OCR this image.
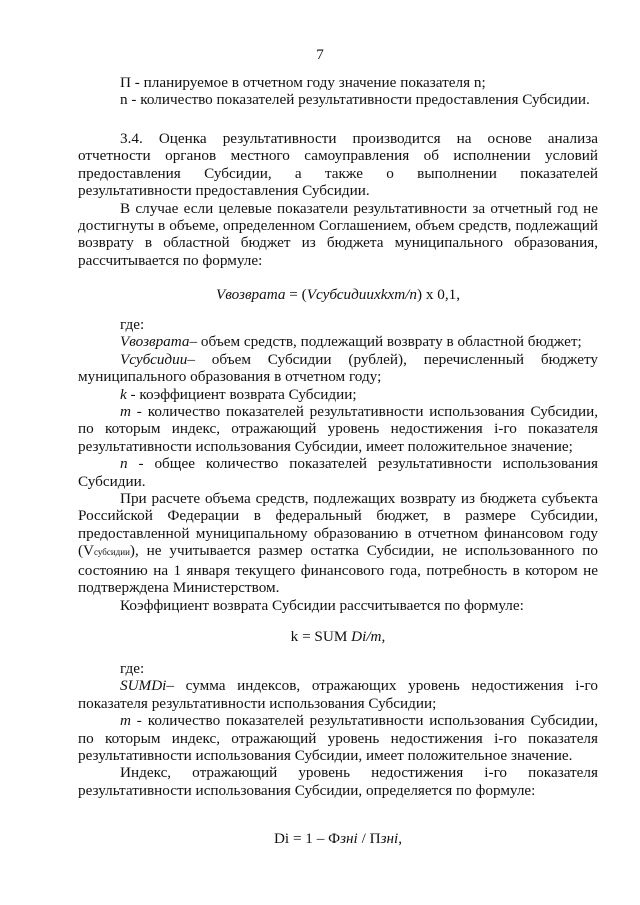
7

П - планируемое в отчетном году значение показателя n;

n - количество показателей результативности предоставления Субсидии.

3.4. Оценка результативности производится на основе анализа отчетности органов местного самоуправления об исполнении условий предоставления Субсидии, а также о выполнении показателей результативности предоставления Субсидии.

В случае если целевые показатели результативности за отчетный год не достигнуты в объеме, определенном Соглашением, объем средств, подлежащий возврату в областной бюджет из бюджета муниципального образования, рассчитывается по формуле:

Vвозврата = (Vсубсидииxkxm/n) x 0,1,

где:

Vвозврата– объем средств, подлежащий возврату в областной бюджет;

Vсубсидии– объем Субсидии (рублей), перечисленный бюджету муниципального образования в отчетном году;

k - коэффициент возврата Субсидии;

m - количество показателей результативности использования Субсидии, по которым индекс, отражающий уровень недостижения i-го показателя результативности использования Субсидии, имеет положительное значение;

n - общее количество показателей результативности использования Субсидии.

При расчете объема средств, подлежащих возврату из бюджета субъекта Российской Федерации в федеральный бюджет, в размере Субсидии, предоставленной муниципальному образованию в отчетном финансовом году (Vсубсидии), не учитывается размер остатка Субсидии, не использованного по состоянию на 1 января текущего финансового года, потребность в котором не подтверждена Министерством.

Коэффициент возврата Субсидии рассчитывается по формуле:

k = SUM Di/m,

где:

SUMDi– сумма индексов, отражающих уровень недостижения i-го показателя результативности использования Субсидии;

m - количество показателей результативности использования Субсидии, по которым индекс, отражающий уровень недостижения i-го показателя результативности использования Субсидии, имеет положительное значение.

Индекс, отражающий уровень недостижения i-го показателя результативности использования Субсидии, определяется по формуле:

Di = 1 – Фзні / Пзні,
